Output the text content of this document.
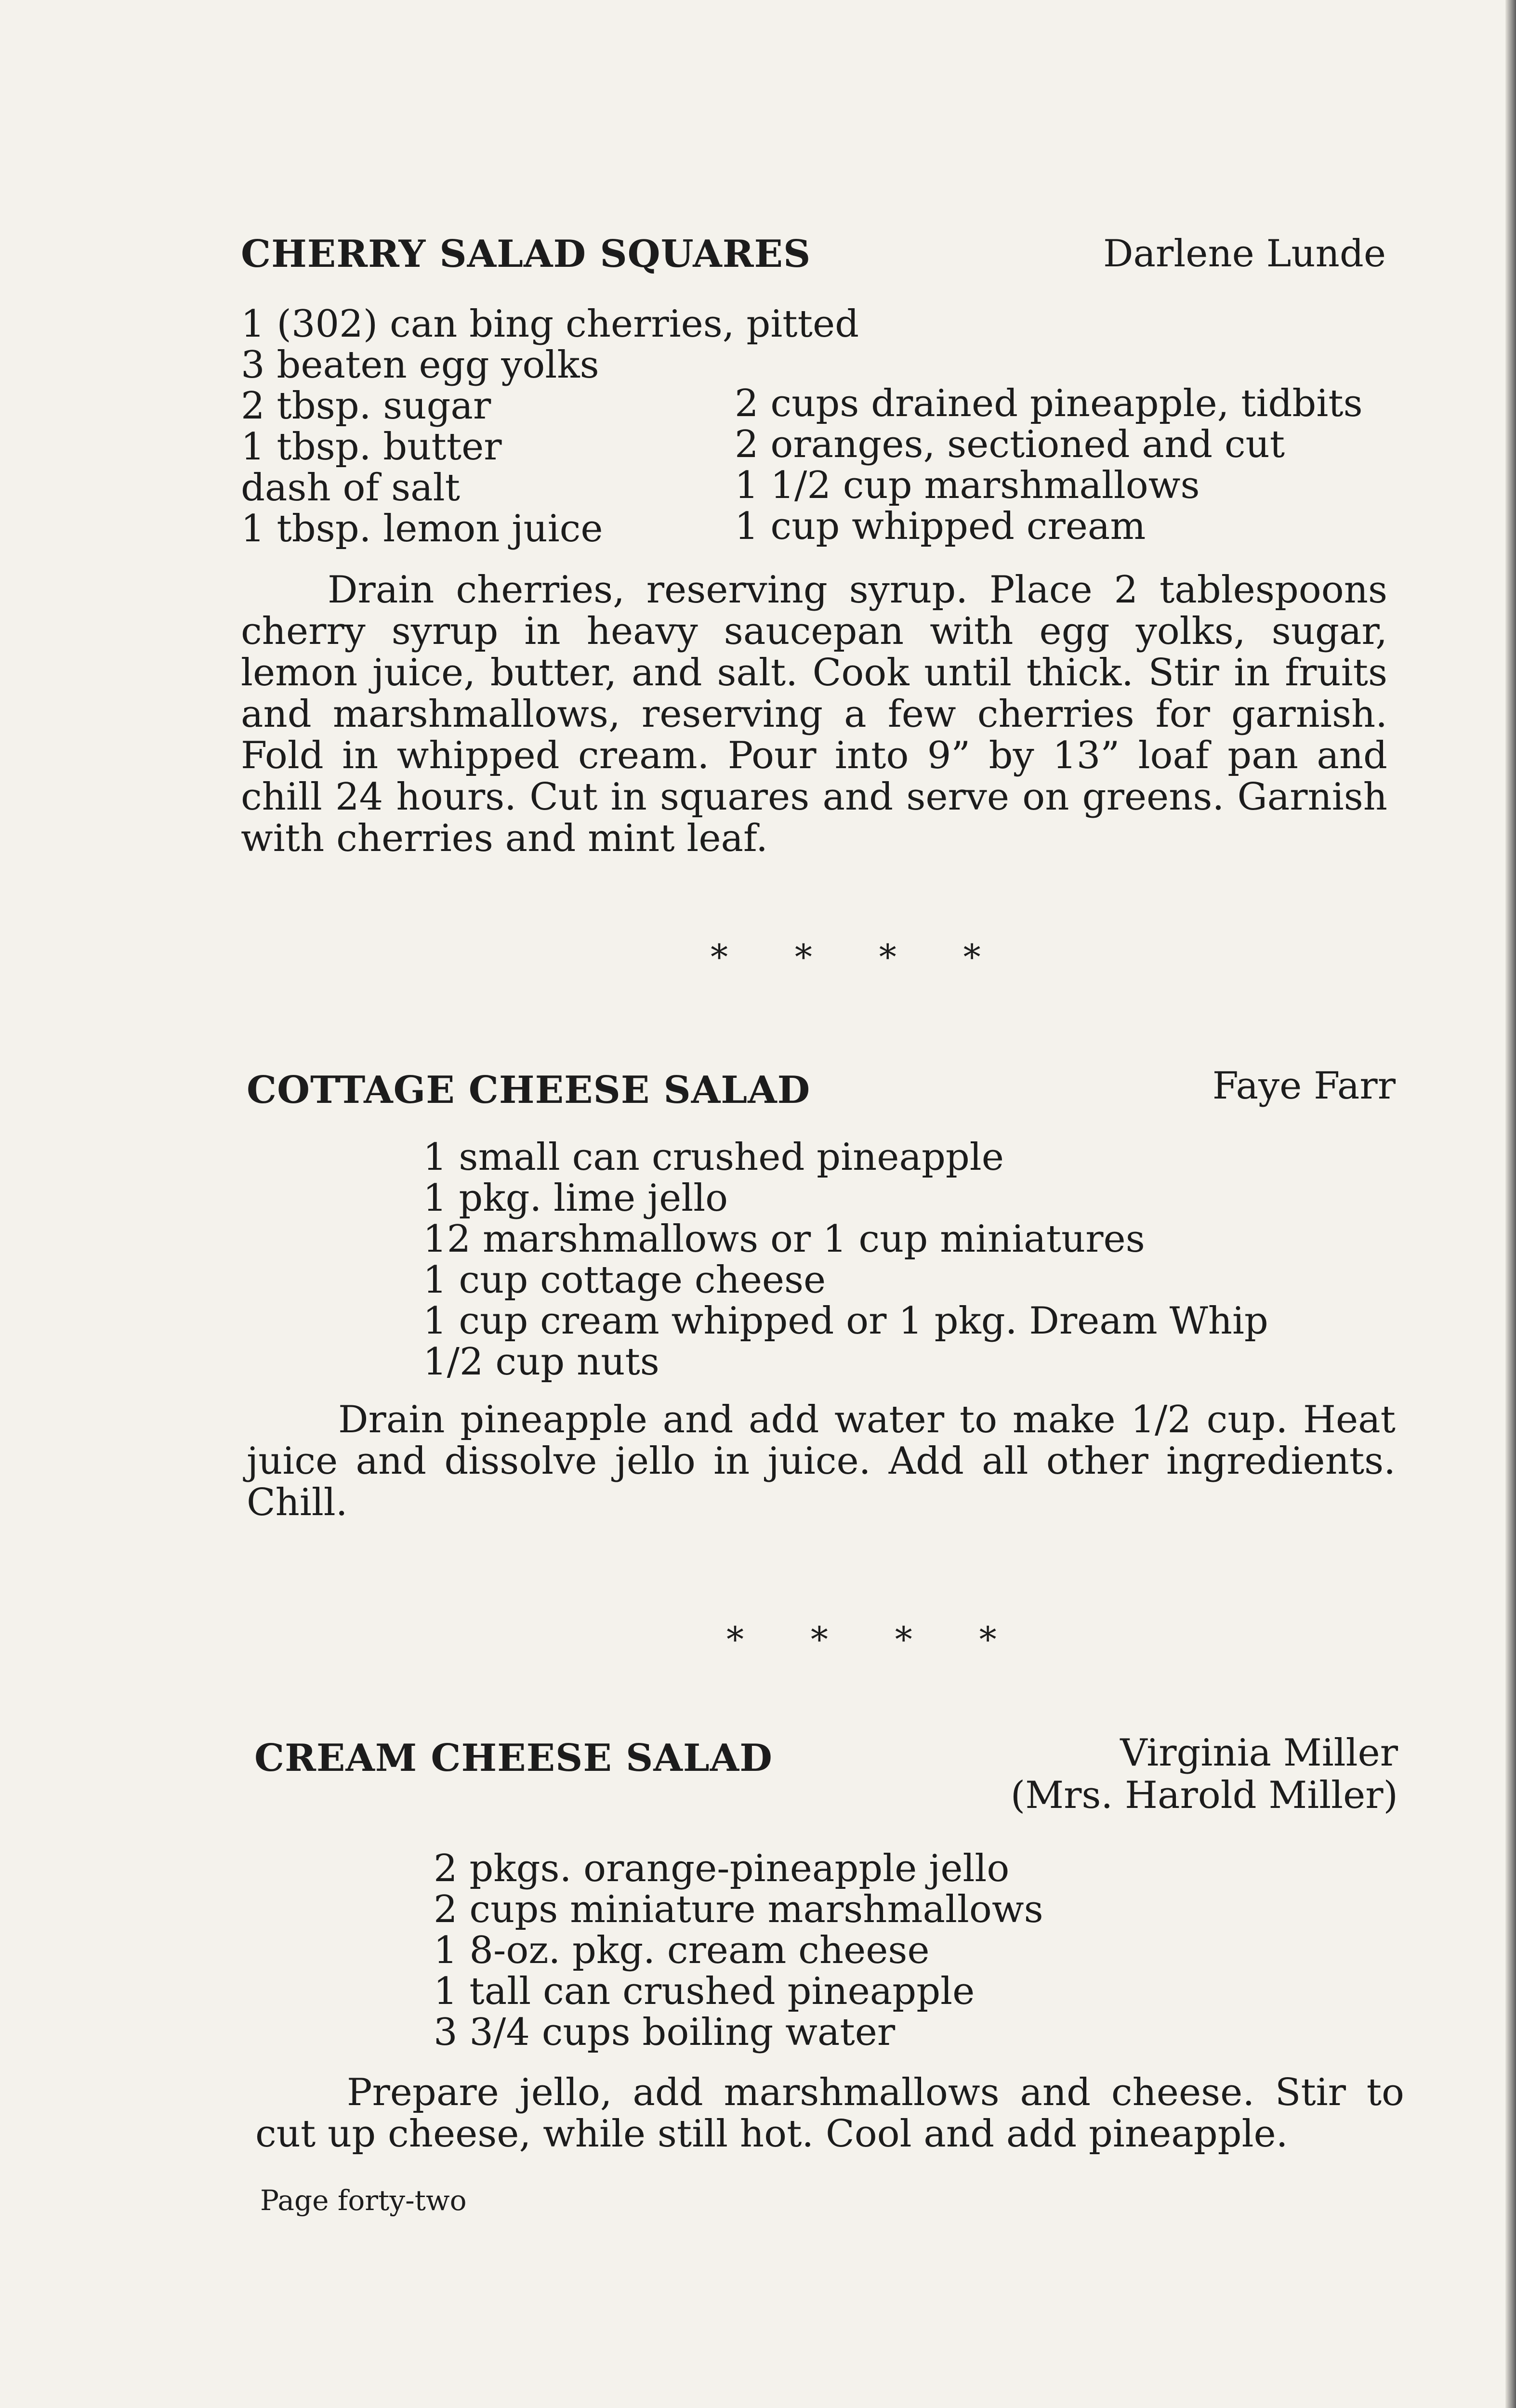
CHERRY SALAD SQUARES	Darlene Lunde
1 (302) can bing cherries, pitted
3 beaten egg yolks
2 tbsp. sugar
1 tbsp. butter
dash of salt
1 tbsp. lemon juice
2 cups drained pineapple, tidbits
2 oranges, sectioned and cut
1 1/2 cup marshmallows
1 cup whipped cream
Drain cherries, reserving syrup. Place 2 tablespoons cherry syrup in heavy saucepan with egg yolks, sugar, lemon juice, butter, and salt. Cook until thick. Stir in fruits and marshmallows, reserving a few cherries for garnish. Fold in whipped cream. Pour into 9” by 13” loaf pan and chill 24 hours. Cut in squares and serve on greens. Garnish with cherries and mint leaf.
* * * *
COTTAGE CHEESE SALAD	Faye Farr
1 small can crushed pineapple
1 pkg. lime jello
12 marshmallows or 1 cup miniatures
1 cup cottage cheese
1 cup cream whipped or 1 pkg. Dream Whip
1/2 cup nuts
Drain pineapple and add water to make 1/2 cup. Heat juice and dissolve jello in juice. Add all other ingredients. Chill.
* * * *
CREAM CHEESE SALAD	Virginia Miller
(Mrs. Harold Miller)
2 pkgs. orange-pineapple jello
2 cups miniature marshmallows
1 8-oz. pkg. cream cheese
1 tall can crushed pineapple
3 3/4 cups boiling water
Prepare jello, add marshmallows and cheese. Stir to cut up cheese, while still hot. Cool and add pineapple.
Page forty-two
